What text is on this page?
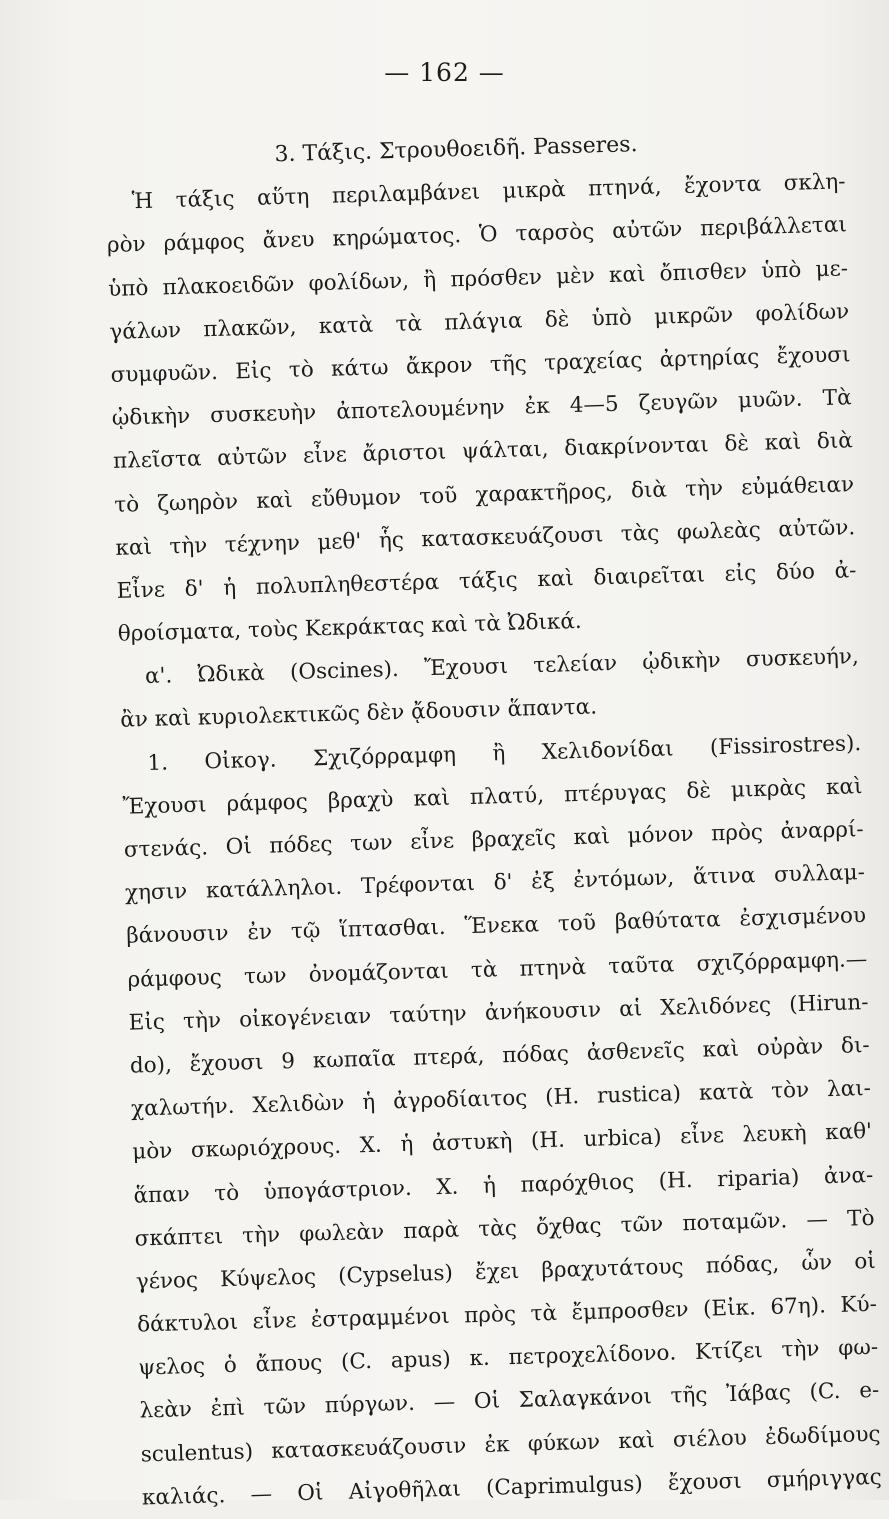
— 162 —
3. Τάξις. Στρουθοειδῆ. Passeres.
Ἡ τάξις αὕτη περιλαμβάνει μικρὰ πτηνά, ἔχοντα σκλη-
ρὸν ράμφος ἄνευ κηρώματος. Ὁ ταρσὸς αὐτῶν περιβάλλεται
ὑπὸ πλακοειδῶν φολίδων, ἢ πρόσθεν μὲν καὶ ὄπισθεν ὑπὸ με-
γάλων πλακῶν, κατὰ τὰ πλάγια δὲ ὑπὸ μικρῶν φολίδων
συμφυῶν. Εἰς τὸ κάτω ἄκρον τῆς τραχείας ἀρτηρίας ἔχουσι
ᾠδικὴν συσκευὴν ἀποτελουμένην ἐκ 4—5 ζευγῶν μυῶν. Τὰ
πλεῖστα αὐτῶν εἶνε ἄριστοι ψάλται, διακρίνονται δὲ καὶ διὰ
τὸ ζωηρὸν καὶ εὔθυμον τοῦ χαρακτῆρος, διὰ τὴν εὐμάθειαν
καὶ τὴν τέχνην μεθ' ἧς κατασκευάζουσι τὰς φωλεὰς αὐτῶν.
Εἶνε δ' ἡ πολυπληθεστέρα τάξις καὶ διαιρεῖται εἰς δύο ἀ-
θροίσματα, τοὺς Κεκράκτας καὶ τὰ Ὠδικά.
α'. Ὠδικὰ (Oscines). Ἔχουσι τελείαν ᾠδικὴν συσκευήν,
ἂν καὶ κυριολεκτικῶς δὲν ᾄδουσιν ἅπαντα.
1. Οἰκογ. Σχιζόρραμφη ἢ Χελιδονίδαι (Fissirostres).
Ἔχουσι ράμφος βραχὺ καὶ πλατύ, πτέρυγας δὲ μικρὰς καὶ
στενάς. Οἱ πόδες των εἶνε βραχεῖς καὶ μόνον πρὸς ἀναρρί-
χησιν κατάλληλοι. Τρέφονται δ' ἐξ ἐντόμων, ἅτινα συλλαμ-
βάνουσιν ἐν τῷ ἵπτασθαι. Ἕνεκα τοῦ βαθύτατα ἐσχισμένου
ράμφους των ὀνομάζονται τὰ πτηνὰ ταῦτα σχιζόρραμφη.—
Εἰς τὴν οἰκογένειαν ταύτην ἀνήκουσιν αἱ Χελιδόνες (Hirun-
do), ἔχουσι 9 κωπαῖα πτερά, πόδας ἀσθενεῖς καὶ οὐρὰν δι-
χαλωτήν. Χελιδὼν ἡ ἀγροδίαιτος (H. rustica) κατὰ τὸν λαι-
μὸν σκωριόχρους. Χ. ἡ ἀστυκὴ (H. urbica) εἶνε λευκὴ καθ'
ἅπαν τὸ ὑπογάστριον. Χ. ἡ παρόχθιος (H. riparia) ἀνα-
σκάπτει τὴν φωλεὰν παρὰ τὰς ὄχθας τῶν ποταμῶν. — Τὸ
γένος Κύψελος (Cypselus) ἔχει βραχυτάτους πόδας, ὧν οἱ
δάκτυλοι εἶνε ἐστραμμένοι πρὸς τὰ ἔμπροσθεν (Εἰκ. 67η). Κύ-
ψελος ὁ ἄπους (C. apus) κ. πετροχελίδονο. Κτίζει τὴν φω-
λεὰν ἐπὶ τῶν πύργων. — Οἱ Σαλαγκάνοι τῆς Ἰάβας (C. e-
sculentus) κατασκευάζουσιν ἐκ φύκων καὶ σιέλου ἐδωδίμους
καλιάς. — Οἱ Αἰγοθῆλαι (Caprimulgus) ἔχουσι σμήριγγας
